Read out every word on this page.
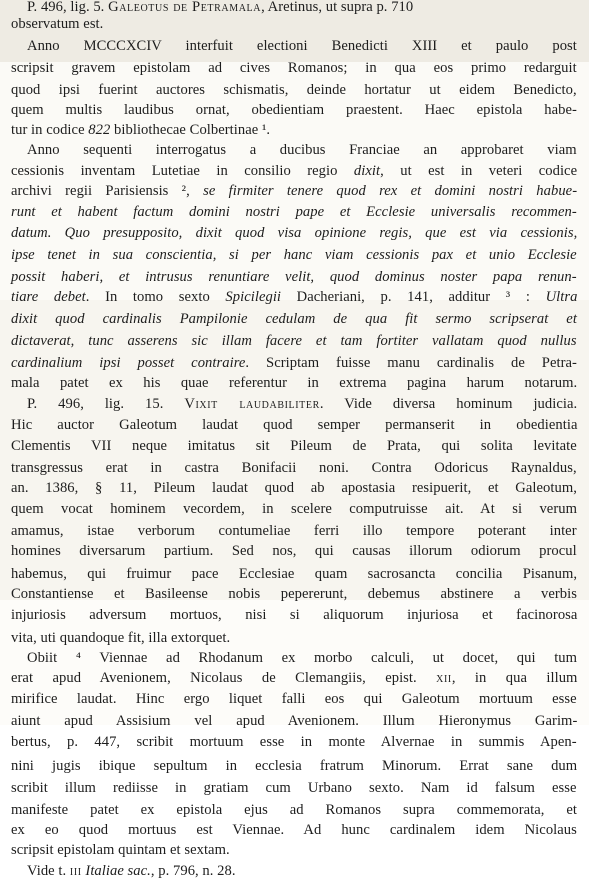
P. 496, lig. 5. Galeotus de Petramala, Aretinus, ut supra p. 710
observatum est.
Anno MCCCXCIV interfuit electioni Benedicti XIII et paulo post
scripsit gravem epistolam ad cives Romanos; in qua eos primo redarguit
quod ipsi fuerint auctores schismatis, deinde hortatur ut eidem Benedicto,
quem multis laudibus ornat, obedientiam praestent. Haec epistola habe-
tur in codice 822 bibliothecae Colbertinae ¹.
Anno sequenti interrogatus a ducibus Franciae an approbaret viam
cessionis inventam Lutetiae in consilio regio dixit, ut est in veteri codice
archivi regii Parisiensis ², se firmiter tenere quod rex et domini nostri habue-
runt et habent factum domini nostri pape et Ecclesie universalis recommen-
datum. Quo presupposito, dixit quod visa opinione regis, que est via cessionis,
ipse tenet in sua conscientia, si per hanc viam cessionis pax et unio Ecclesie
possit haberi, et intrusus renuntiare velit, quod dominus noster papa renun-
tiare debet. In tomo sexto Spicilegii Dacheriani, p. 141, additur ³ : Ultra
dixit quod cardinalis Pampilonie cedulam de qua fit sermo scripserat et
dictaverat, tunc asserens sic illam facere et tam fortiter vallatam quod nullus
cardinalium ipsi posset contraire. Scriptam fuisse manu cardinalis de Petra-
mala patet ex his quae referentur in extrema pagina harum notarum.
P. 496, lig. 15. Vixit laudabiliter. Vide diversa hominum judicia.
Hic auctor Galeotum laudat quod semper permanserit in obedientia
Clementis VII neque imitatus sit Pileum de Prata, qui solita levitate
transgressus erat in castra Bonifacii noni. Contra Odoricus Raynaldus,
an. 1386, § 11, Pileum laudat quod ab apostasia resipuerit, et Galeotum,
quem vocat hominem vecordem, in scelere computruisse ait. At si verum
amamus, istae verborum contumeliae ferri illo tempore poterant inter
homines diversarum partium. Sed nos, qui causas illorum odiorum procul
habemus, qui fruimur pace Ecclesiae quam sacrosancta concilia Pisanum,
Constantiense et Basileense nobis pepererunt, debemus abstinere a verbis
injuriosis adversum mortuos, nisi si aliquorum injuriosa et facinorosa
vita, uti quandoque fit, illa extorquet.
Obiit ⁴ Viennae ad Rhodanum ex morbo calculi, ut docet, qui tum
erat apud Avenionem, Nicolaus de Clemangiis, epist. xii, in qua illum
mirifice laudat. Hinc ergo liquet falli eos qui Galeotum mortuum esse
aiunt apud Assisium vel apud Avenionem. Illum Hieronymus Garim-
bertus, p. 447, scribit mortuum esse in monte Alvernae in summis Apen-
nini jugis ibique sepultum in ecclesia fratrum Minorum. Errat sane dum
scribit illum rediisse in gratiam cum Urbano sexto. Nam id falsum esse
manifeste patet ex epistola ejus ad Romanos supra commemorata, et
ex eo quod mortuus est Viennae. Ad hunc cardinalem idem Nicolaus
scripsit epistolam quintam et sextam.
Vide t. iii Italiae sac., p. 796, n. 28.
